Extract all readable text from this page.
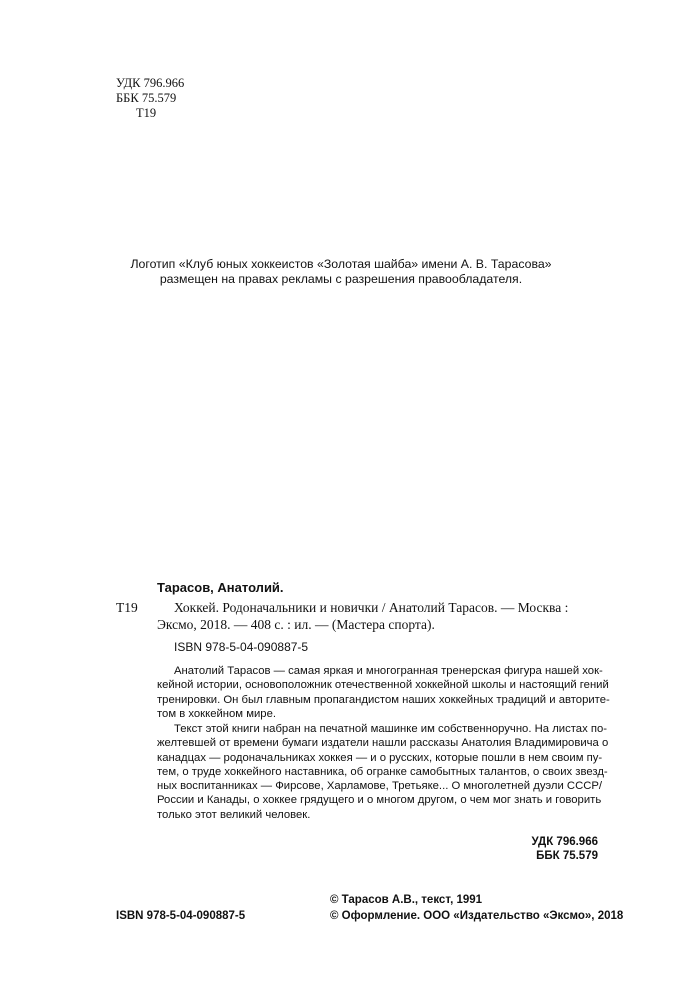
УДК 796.966
ББК 75.579
Т19
Логотип «Клуб юных хоккеистов «Золотая шайба» имени А. В. Тарасова»
размещен на правах рекламы с разрешения правообладателя.
Тарасов, Анатолий.
Т19	Хоккей. Родоначальники и новички / Анатолий Тарасов. — Москва :
Эксмо, 2018. — 408 с. : ил. — (Мастера спорта).
ISBN 978-5-04-090887-5
Анатолий Тарасов — самая яркая и многогранная тренерская фигура нашей хок-
кейной истории, основоположник отечественной хоккейной школы и настоящий гений
тренировки. Он был главным пропагандистом наших хоккейных традиций и авторите-
том в хоккейном мире.
Текст этой книги набран на печатной машинке им собственноручно. На листах по-
желтевшей от времени бумаги издатели нашли рассказы Анатолия Владимировича о
канадцах — родоначальниках хоккея — и о русских, которые пошли в нем своим пу-
тем, о труде хоккейного наставника, об огранке самобытных талантов, о своих звезд-
ных воспитанниках — Фирсове, Харламове, Третьяке... О многолетней дуэли СССР/
России и Канады, о хоккее грядущего и о многом другом, о чем мог знать и говорить
только этот великий человек.
УДК 796.966
ББК 75.579
© Тарасов А.В., текст, 1991
© Оформление. ООО «Издательство «Эксмо», 2018
ISBN 978-5-04-090887-5
